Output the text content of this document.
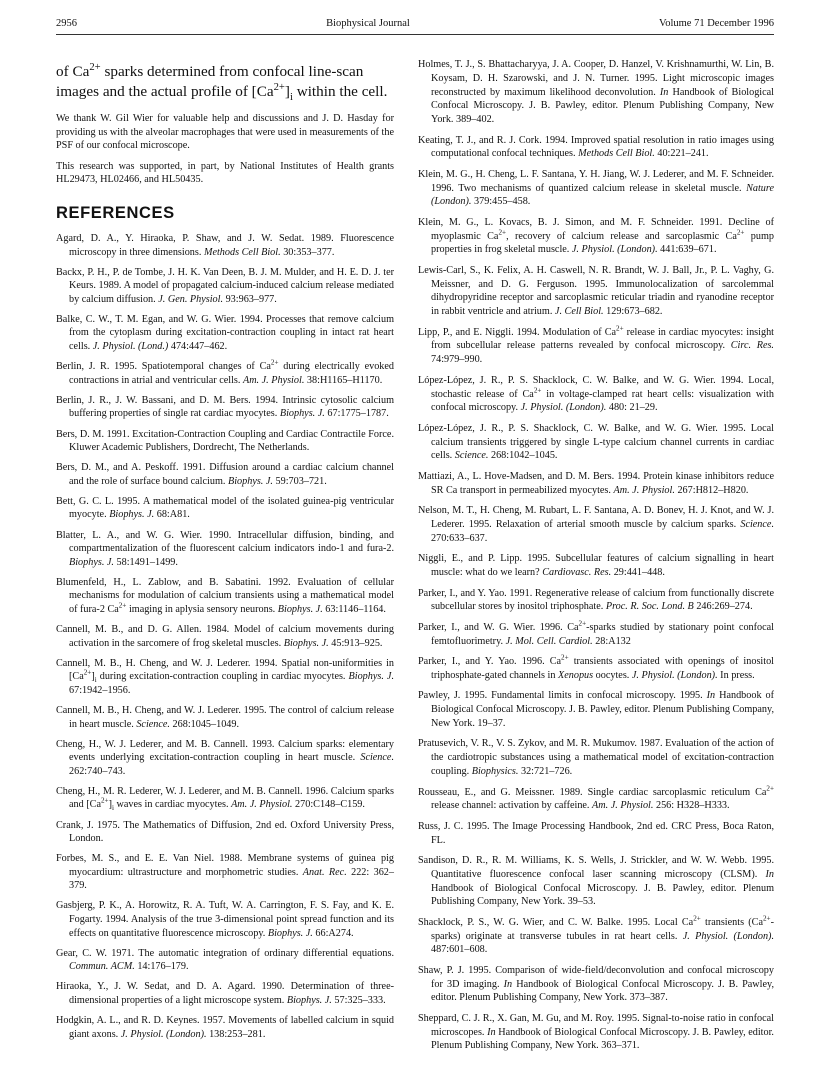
2956	Biophysical Journal	Volume 71 December 1996

of $Ca^{2+}$ sparks determined from confocal line-scan images and the actual profile of $[Ca^{2+}]_i$ within the cell.

We thank W. Gil Wier for valuable help and discussions and J. D. Hasday for providing us with the alveolar macrophages that were used in measurements of the PSF of our confocal microscope.

This research was supported, in part, by National Institutes of Health grants HL29473, HL02466, and HL50435.

REFERENCES

Agard, D. A., Y. Hiraoka, P. Shaw, and J. W. Sedat. 1989. Fluorescence microscopy in three dimensions. Methods Cell Biol. 30:353–377.

Backx, P. H., P. de Tombe, J. H. K. Van Deen, B. J. M. Mulder, and H. E. D. J. ter Keurs. 1989. A model of propagated calcium-induced calcium release mediated by calcium diffusion. J. Gen. Physiol. 93:963–977.

Balke, C. W., T. M. Egan, and W. G. Wier. 1994. Processes that remove calcium from the cytoplasm during excitation-contraction coupling in intact rat heart cells. J. Physiol. (Lond.) 474:447–462.

Berlin, J. R. 1995. Spatiotemporal changes of $Ca^{2+}$ during electrically evoked contractions in atrial and ventricular cells. Am. J. Physiol. 38:H1165–H1170.

Berlin, J. R., J. W. Bassani, and D. M. Bers. 1994. Intrinsic cytosolic calcium buffering properties of single rat cardiac myocytes. Biophys. J. 67:1775–1787.

Bers, D. M. 1991. Excitation-Contraction Coupling and Cardiac Contractile Force. Kluwer Academic Publishers, Dordrecht, The Netherlands.

Bers, D. M., and A. Peskoff. 1991. Diffusion around a cardiac calcium channel and the role of surface bound calcium. Biophys. J. 59:703–721.

Bett, G. C. L. 1995. A mathematical model of the isolated guinea-pig ventricular myocyte. Biophys. J. 68:A81.

Blatter, L. A., and W. G. Wier. 1990. Intracellular diffusion, binding, and compartmentalization of the fluorescent calcium indicators indo-1 and fura-2. Biophys. J. 58:1491–1499.

Blumenfeld, H., L. Zablow, and B. Sabatini. 1992. Evaluation of cellular mechanisms for modulation of calcium transients using a mathematical model of fura-2 $Ca^{2+}$ imaging in aplysia sensory neurons. Biophys. J. 63:1146–1164.

Cannell, M. B., and D. G. Allen. 1984. Model of calcium movements during activation in the sarcomere of frog skeletal muscles. Biophys. J. 45:913–925.

Cannell, M. B., H. Cheng, and W. J. Lederer. 1994. Spatial non-uniformities in $[Ca^{2+}]_i$ during excitation-contraction coupling in cardiac myocytes. Biophys. J. 67:1942–1956.

Cannell, M. B., H. Cheng, and W. J. Lederer. 1995. The control of calcium release in heart muscle. Science. 268:1045–1049.

Cheng, H., W. J. Lederer, and M. B. Cannell. 1993. Calcium sparks: elementary events underlying excitation-contraction coupling in heart muscle. Science. 262:740–743.

Cheng, H., M. R. Lederer, W. J. Lederer, and M. B. Cannell. 1996. Calcium sparks and $[Ca^{2+}]_i$ waves in cardiac myocytes. Am. J. Physiol. 270:C148–C159.

Crank, J. 1975. The Mathematics of Diffusion, 2nd ed. Oxford University Press, London.

Forbes, M. S., and E. E. Van Niel. 1988. Membrane systems of guinea pig myocardium: ultrastructure and morphometric studies. Anat. Rec. 222: 362–379.

Gasbjerg, P. K., A. Horowitz, R. A. Tuft, W. A. Carrington, F. S. Fay, and K. E. Fogarty. 1994. Analysis of the true 3-dimensional point spread function and its effects on quantitative fluorescence microscopy. Biophys. J. 66:A274.

Gear, C. W. 1971. The automatic integration of ordinary differential equations. Commun. ACM. 14:176–179.

Hiraoka, Y., J. W. Sedat, and D. A. Agard. 1990. Determination of three-dimensional properties of a light microscope system. Biophys. J. 57:325–333.

Hodgkin, A. L., and R. D. Keynes. 1957. Movements of labelled calcium in squid giant axons. J. Physiol. (London). 138:253–281.

Holmes, T. J., S. Bhattacharyya, J. A. Cooper, D. Hanzel, V. Krishnamurthi, W. Lin, B. Koysam, D. H. Szarowski, and J. N. Turner. 1995. Light microscopic images reconstructed by maximum likelihood deconvolution. In Handbook of Biological Confocal Microscopy. J. B. Pawley, editor. Plenum Publishing Company, New York. 389–402.

Keating, T. J., and R. J. Cork. 1994. Improved spatial resolution in ratio images using computational confocal techniques. Methods Cell Biol. 40:221–241.

Klein, M. G., H. Cheng, L. F. Santana, Y. H. Jiang, W. J. Lederer, and M. F. Schneider. 1996. Two mechanisms of quantized calcium release in skeletal muscle. Nature (London). 379:455–458.

Klein, M. G., L. Kovacs, B. J. Simon, and M. F. Schneider. 1991. Decline of myoplasmic $Ca^{2+}$, recovery of calcium release and sarcoplasmic $Ca^{2+}$ pump properties in frog skeletal muscle. J. Physiol. (London). 441:639–671.

Lewis-Carl, S., K. Felix, A. H. Caswell, N. R. Brandt, W. J. Ball, Jr., P. L. Vaghy, G. Meissner, and D. G. Ferguson. 1995. Immunolocalization of sarcolemmal dihydropyridine receptor and sarcoplasmic reticular triadin and ryanodine receptor in rabbit ventricle and atrium. J. Cell Biol. 129:673–682.

Lipp, P., and E. Niggli. 1994. Modulation of $Ca^{2+}$ release in cardiac myocytes: insight from subcellular release patterns revealed by confocal microscopy. Circ. Res. 74:979–990.

López-López, J. R., P. S. Shacklock, C. W. Balke, and W. G. Wier. 1994. Local, stochastic release of $Ca^{2+}$ in voltage-clamped rat heart cells: visualization with confocal microscopy. J. Physiol. (London). 480: 21–29.

López-López, J. R., P. S. Shacklock, C. W. Balke, and W. G. Wier. 1995. Local calcium transients triggered by single L-type calcium channel currents in cardiac cells. Science. 268:1042–1045.

Mattiazi, A., L. Hove-Madsen, and D. M. Bers. 1994. Protein kinase inhibitors reduce SR Ca transport in permeabilized myocytes. Am. J. Physiol. 267:H812–H820.

Nelson, M. T., H. Cheng, M. Rubart, L. F. Santana, A. D. Bonev, H. J. Knot, and W. J. Lederer. 1995. Relaxation of arterial smooth muscle by calcium sparks. Science. 270:633–637.

Niggli, E., and P. Lipp. 1995. Subcellular features of calcium signalling in heart muscle: what do we learn? Cardiovasc. Res. 29:441–448.

Parker, I., and Y. Yao. 1991. Regenerative release of calcium from functionally discrete subcellular stores by inositol triphosphate. Proc. R. Soc. Lond. B 246:269–274.

Parker, I., and W. G. Wier. 1996. $Ca^{2+}$-sparks studied by stationary point confocal femtofluorimetry. J. Mol. Cell. Cardiol. 28:A132

Parker, I., and Y. Yao. 1996. $Ca^{2+}$ transients associated with openings of inositol triphosphate-gated channels in Xenopus oocytes. J. Physiol. (London). In press.

Pawley, J. 1995. Fundamental limits in confocal microscopy. 1995. In Handbook of Biological Confocal Microscopy. J. B. Pawley, editor. Plenum Publishing Company, New York. 19–37.

Pratusevich, V. R., V. S. Zykov, and M. R. Mukumov. 1987. Evaluation of the action of the cardiotropic substances using a mathematical model of excitation-contraction coupling. Biophysics. 32:721–726.

Rousseau, E., and G. Meissner. 1989. Single cardiac sarcoplasmic reticulum $Ca^{2+}$ release channel: activation by caffeine. Am. J. Physiol. 256: H328–H333.

Russ, J. C. 1995. The Image Processing Handbook, 2nd ed. CRC Press, Boca Raton, FL.

Sandison, D. R., R. M. Williams, K. S. Wells, J. Strickler, and W. W. Webb. 1995. Quantitative fluorescence confocal laser scanning microscopy (CLSM). In Handbook of Biological Confocal Microscopy. J. B. Pawley, editor. Plenum Publishing Company, New York. 39–53.

Shacklock, P. S., W. G. Wier, and C. W. Balke. 1995. Local $Ca^{2+}$ transients $(Ca^{2+}-sparks)$ originate at transverse tubules in rat heart cells. J. Physiol. (London). 487:601–608.

Shaw, P. J. 1995. Comparison of wide-field/deconvolution and confocal microscopy for 3D imaging. In Handbook of Biological Confocal Microscopy. J. B. Pawley, editor. Plenum Publishing Company, New York. 373–387.

Sheppard, C. J. R., X. Gan, M. Gu, and M. Roy. 1995. Signal-to-noise ratio in confocal microscopes. In Handbook of Biological Confocal Microscopy. J. B. Pawley, editor. Plenum Publishing Company, New York. 363–371.
